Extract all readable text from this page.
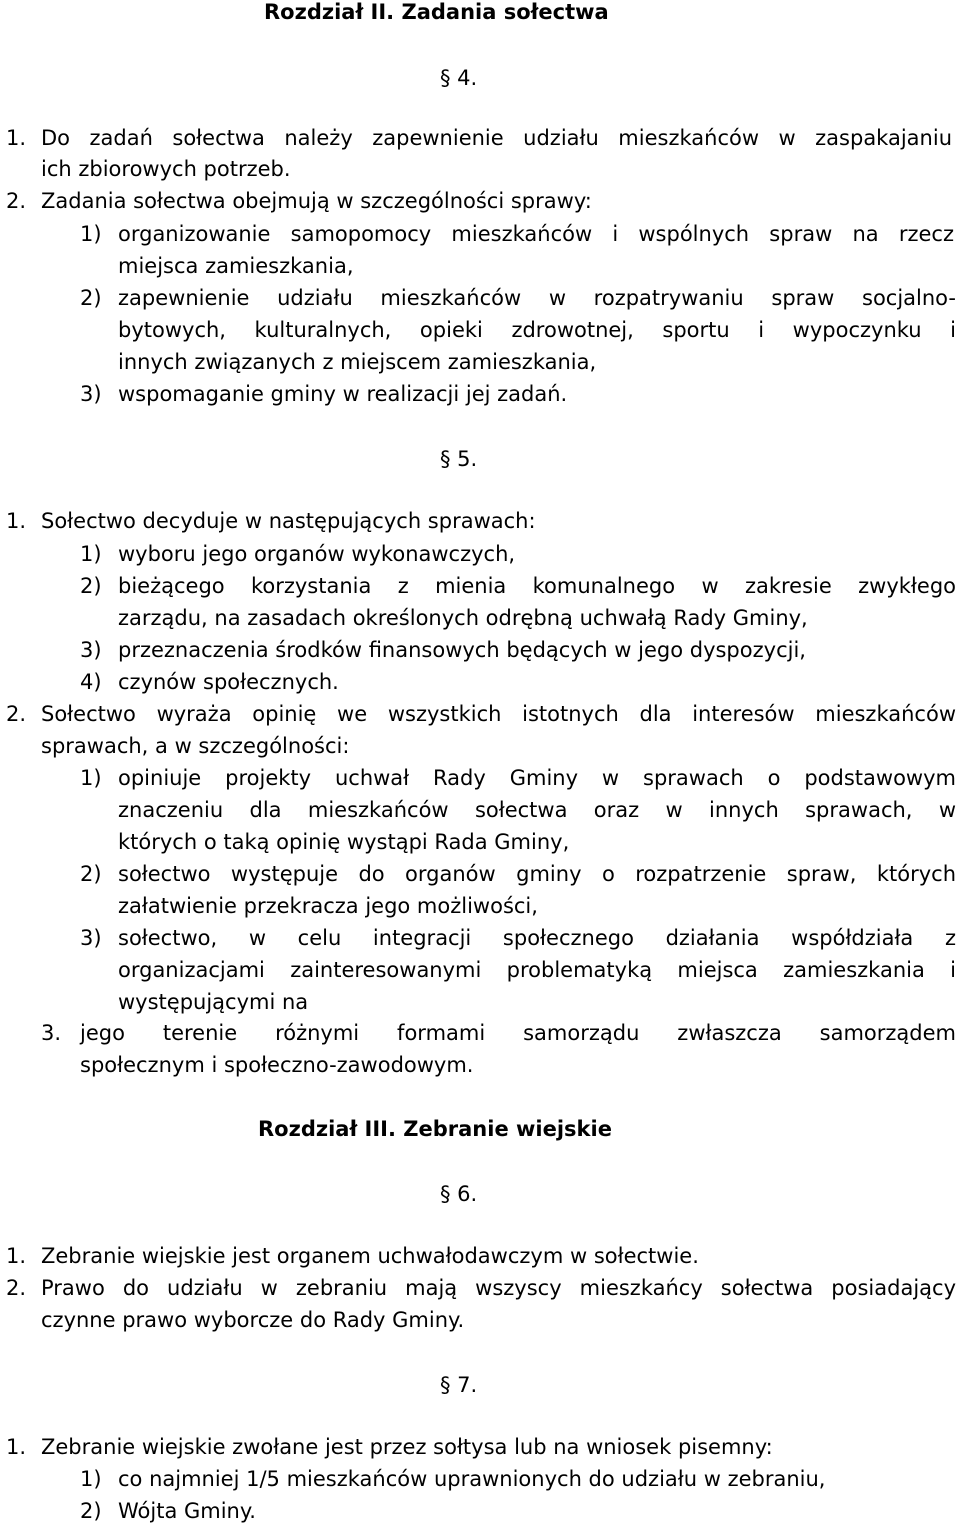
Rozdział II. Zadania sołectwa
§ 4.
1. Do zadań sołectwa należy zapewnienie udziału mieszkańców w zaspakajaniu
ich zbiorowych potrzeb.
2. Zadania sołectwa obejmują w szczególności sprawy:
1) organizowanie samopomocy mieszkańców i wspólnych spraw na rzecz
miejsca zamieszkania,
2) zapewnienie udziału mieszkańców w rozpatrywaniu spraw socjalno-
bytowych, kulturalnych, opieki zdrowotnej, sportu i wypoczynku i
innych związanych z miejscem zamieszkania,
3) wspomaganie gminy w realizacji jej zadań.
§ 5.
1. Sołectwo decyduje w następujących sprawach:
1) wyboru jego organów wykonawczych,
2) bieżącego korzystania z mienia komunalnego w zakresie zwykłego
zarządu, na zasadach określonych odrębną uchwałą Rady Gminy,
3) przeznaczenia środków finansowych będących w jego dyspozycji,
4) czynów społecznych.
2. Sołectwo wyraża opinię we wszystkich istotnych dla interesów mieszkańców
sprawach, a w szczególności:
1) opiniuje projekty uchwał Rady Gminy w sprawach o podstawowym
znaczeniu dla mieszkańców sołectwa oraz w innych sprawach, w
których o taką opinię wystąpi Rada Gminy,
2) sołectwo występuje do organów gminy o rozpatrzenie spraw, których
załatwienie przekracza jego możliwości,
3) sołectwo, w celu integracji społecznego działania współdziała z
organizacjami zainteresowanymi problematyką miejsca zamieszkania i
występującymi na
3. jego terenie różnymi formami samorządu zwłaszcza samorządem
społecznym i społeczno-zawodowym.
Rozdział III. Zebranie wiejskie
§ 6.
1. Zebranie wiejskie jest organem uchwałodawczym w sołectwie.
2. Prawo do udziału w zebraniu mają wszyscy mieszkańcy sołectwa posiadający
czynne prawo wyborcze do Rady Gminy.
§ 7.
1. Zebranie wiejskie zwołane jest przez sołtysa lub na wniosek pisemny:
1) co najmniej 1/5 mieszkańców uprawnionych do udziału w zebraniu,
2) Wójta Gminy.
